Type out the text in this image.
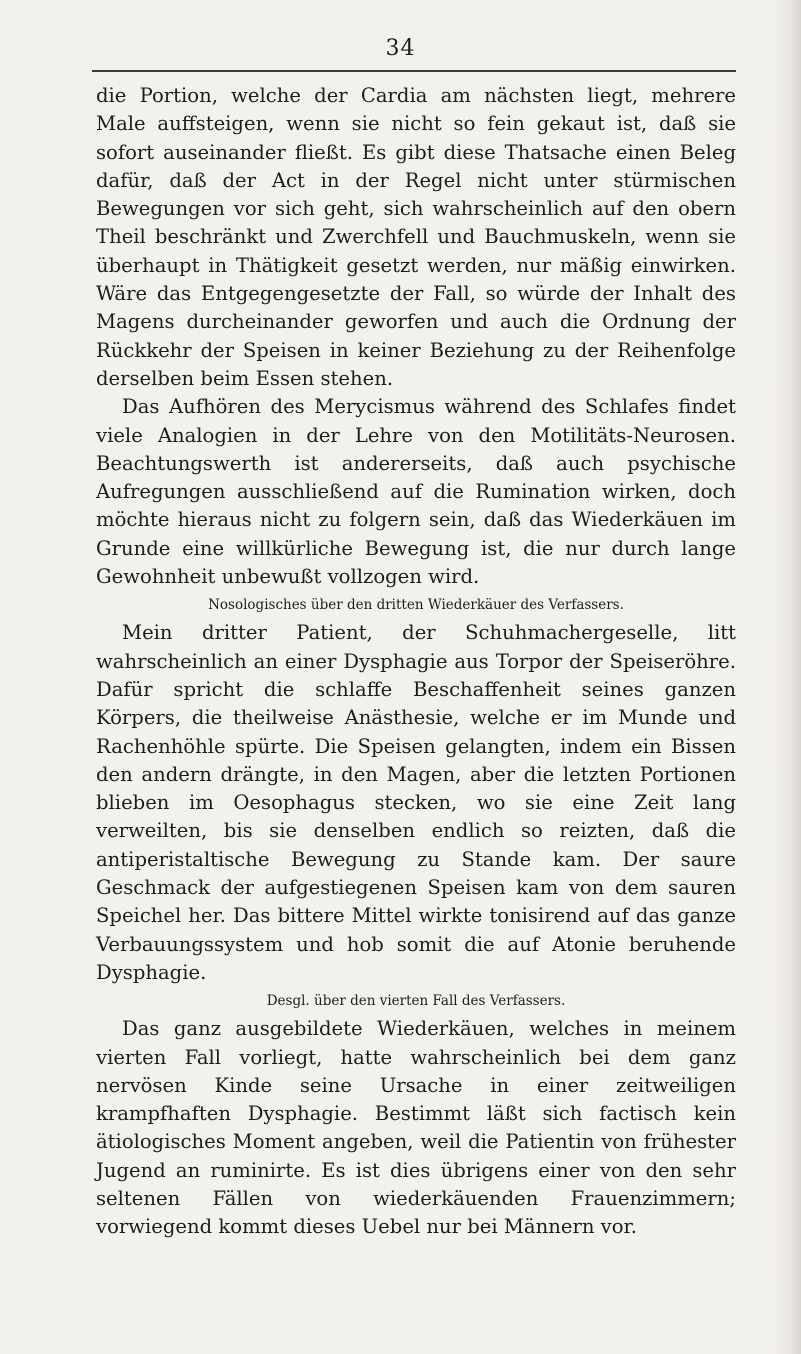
34

die Portion, welche der Cardia am nächsten liegt, mehrere Male auffsteigen, wenn sie nicht so fein gekaut ist, daß sie sofort auseinander fließt. Es gibt diese Thatsache einen Beleg dafür, daß der Act in der Regel nicht unter stürmischen Bewegungen vor sich geht, sich wahrscheinlich auf den obern Theil beschränkt und Zwerchfell und Bauchmuskeln, wenn sie überhaupt in Thätigkeit gesetzt werden, nur mäßig einwirken. Wäre das Entgegengesetzte der Fall, so würde der Inhalt des Magens durcheinander geworfen und auch die Ordnung der Rückkehr der Speisen in keiner Beziehung zu der Reihenfolge derselben beim Essen stehen.

Das Aufhören des Merycismus während des Schlafes findet viele Analogien in der Lehre von den Motilitäts-Neurosen. Beachtungswerth ist andererseits, daß auch psychische Aufregungen ausschließend auf die Rumination wirken, doch möchte hieraus nicht zu folgern sein, daß das Wiederkäuen im Grunde eine willkürliche Bewegung ist, die nur durch lange Gewohnheit unbewußt vollzogen wird.

Nosologisches über den dritten Wiederkäuer des Verfassers.

Mein dritter Patient, der Schuhmachergeselle, litt wahrscheinlich an einer Dysphagie aus Torpor der Speiseröhre. Dafür spricht die schlaffe Beschaffenheit seines ganzen Körpers, die theilweise Anästhesie, welche er im Munde und Rachenhöhle spürte. Die Speisen gelangten, indem ein Bissen den andern drängte, in den Magen, aber die letzten Portionen blieben im Oesophagus stecken, wo sie eine Zeit lang verweilten, bis sie denselben endlich so reizten, daß die antiperistaltische Bewegung zu Stande kam. Der saure Geschmack der aufgestiegenen Speisen kam von dem sauren Speichel her. Das bittere Mittel wirkte tonisirend auf das ganze Verbauungssystem und hob somit die auf Atonie beruhende Dysphagie.

Desgl. über den vierten Fall des Verfassers.

Das ganz ausgebildete Wiederkäuen, welches in meinem vierten Fall vorliegt, hatte wahrscheinlich bei dem ganz nervösen Kinde seine Ursache in einer zeitweiligen krampfhaften Dysphagie. Bestimmt läßt sich factisch kein ätiologisches Moment angeben, weil die Patientin von frühester Jugend an ruminirte. Es ist dies übrigens einer von den sehr seltenen Fällen von wiederkäuenden Frauenzimmern; vorwiegend kommt dieses Uebel nur bei Männern vor.
